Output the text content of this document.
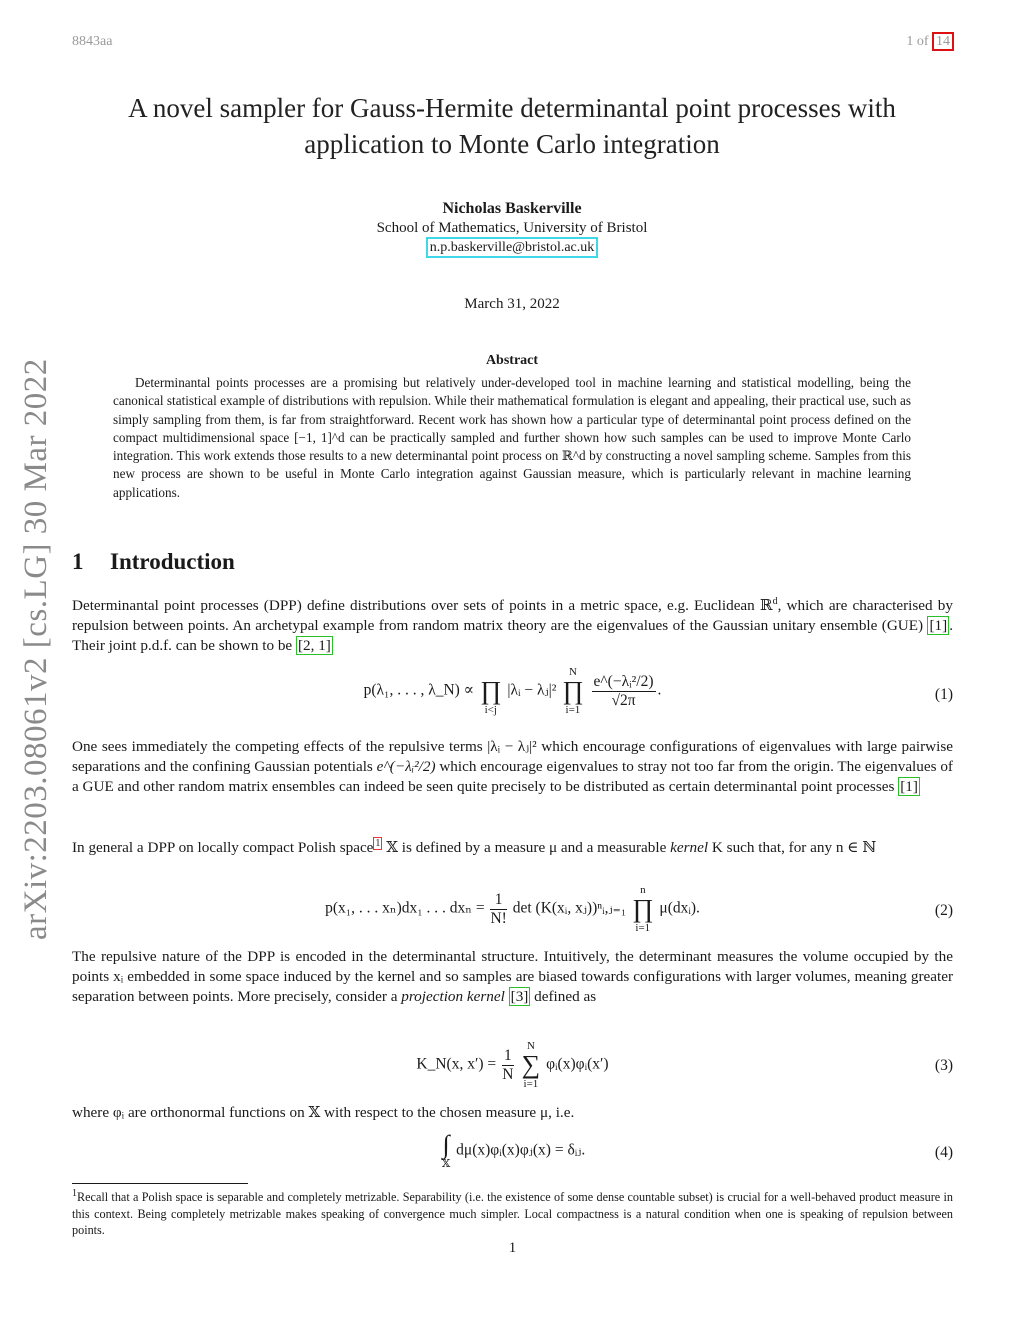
8843aa	1 of 14
arXiv:2203.08061v2 [cs.LG] 30 Mar 2022
A novel sampler for Gauss-Hermite determinantal point processes with
application to Monte Carlo integration
Nicholas Baskerville
School of Mathematics, University of Bristol
n.p.baskerville@bristol.ac.uk
March 31, 2022
Abstract
Determinantal points processes are a promising but relatively under-developed tool in machine learning and statistical modelling, being the canonical statistical example of distributions with repulsion. While their mathematical formulation is elegant and appealing, their practical use, such as simply sampling from them, is far from straightforward. Recent work has shown how a particular type of determinantal point process defined on the compact multidimensional space [−1, 1]^d can be practically sampled and further shown how such samples can be used to improve Monte Carlo integration. This work extends those results to a new determinantal point process on ℝ^d by constructing a novel sampling scheme. Samples from this new process are shown to be useful in Monte Carlo integration against Gaussian measure, which is particularly relevant in machine learning applications.
1 Introduction
Determinantal point processes (DPP) define distributions over sets of points in a metric space, e.g. Euclidean ℝ$^d$, which are characterised by repulsion between points. An archetypal example from random matrix theory are the eigenvalues of the Gaussian unitary ensemble (GUE) [1] . Their joint p.d.f. can be shown to be [2, 1]
p(λ₁, . . . , λ_N) ∝
∏
i<j
|λᵢ − λⱼ|²
N
∏
i=1

$\frac{\text{e\textasciicircum{}(−λᵢ²/2)}}{√2\pi}$ .	(1)
One sees immediately the competing effects of the repulsive terms |λᵢ − λⱼ|² which encourage configurations of eigenvalues with large pairwise separations and the confining Gaussian potentials e^(−λᵢ²/2) which encourage eigenvalues to stray not too far from the origin. The eigenvalues of a GUE and other random matrix ensembles can indeed be seen quite precisely to be distributed as certain determinantal point processes [1]
In general a DPP on locally compact Polish space $^1$ 𝕏 is defined by a measure μ and a measurable kernel K such that, for any n ∈ ℕ
p(x₁, . . . xₙ)dx₁ . . . $dx_n = \frac{1}{N!}$ det (K(xᵢ, xⱼ))ⁿᵢ,ⱼ₌₁
n
∏
i=1
μ(dxᵢ).	(2)
The repulsive nature of the DPP is encoded in the determinantal structure. Intuitively, the determinant measures the volume occupied by the points xᵢ embedded in some space induced by the kernel and so samples are biased towards configurations with larger volumes, meaning greater separation between points. More precisely, consider a projection kernel [3] defined as
K_N(x, $x') = \frac{1}{N}$

N
∑
i=1
φᵢ(x)φᵢ(x′)	(3)
where φᵢ are orthonormal functions on 𝕏 with respect to the chosen measure μ, i.e.
∫
𝕏
dμ(x)φᵢ(x)φⱼ(x) = δᵢⱼ.	(4)
$^1$Recall that a Polish space is separable and completely metrizable. Separability (i.e. the existence of some dense countable subset) is crucial for a well-behaved product measure in this context. Being completely metrizable makes speaking of convergence much simpler. Local compactness is a natural condition when one is speaking of repulsion between points.
1
